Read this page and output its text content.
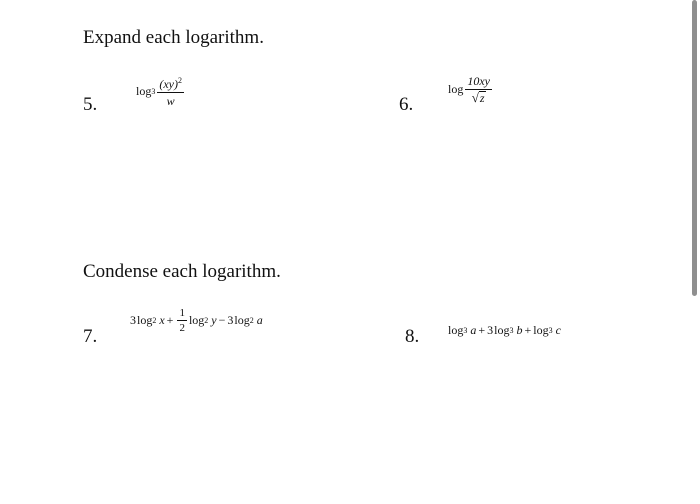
Expand each logarithm.
Condense each logarithm.
5.
$\log 3 \frac{(xy)^2}{w}$	6.
$\log \frac{10xy}{√ z}$
7.
3 log 2 $x + \frac{1}{2}$ log 2 y − 3 log 2 a
8. log 3 a + 3 log 3 b + log 3 c
